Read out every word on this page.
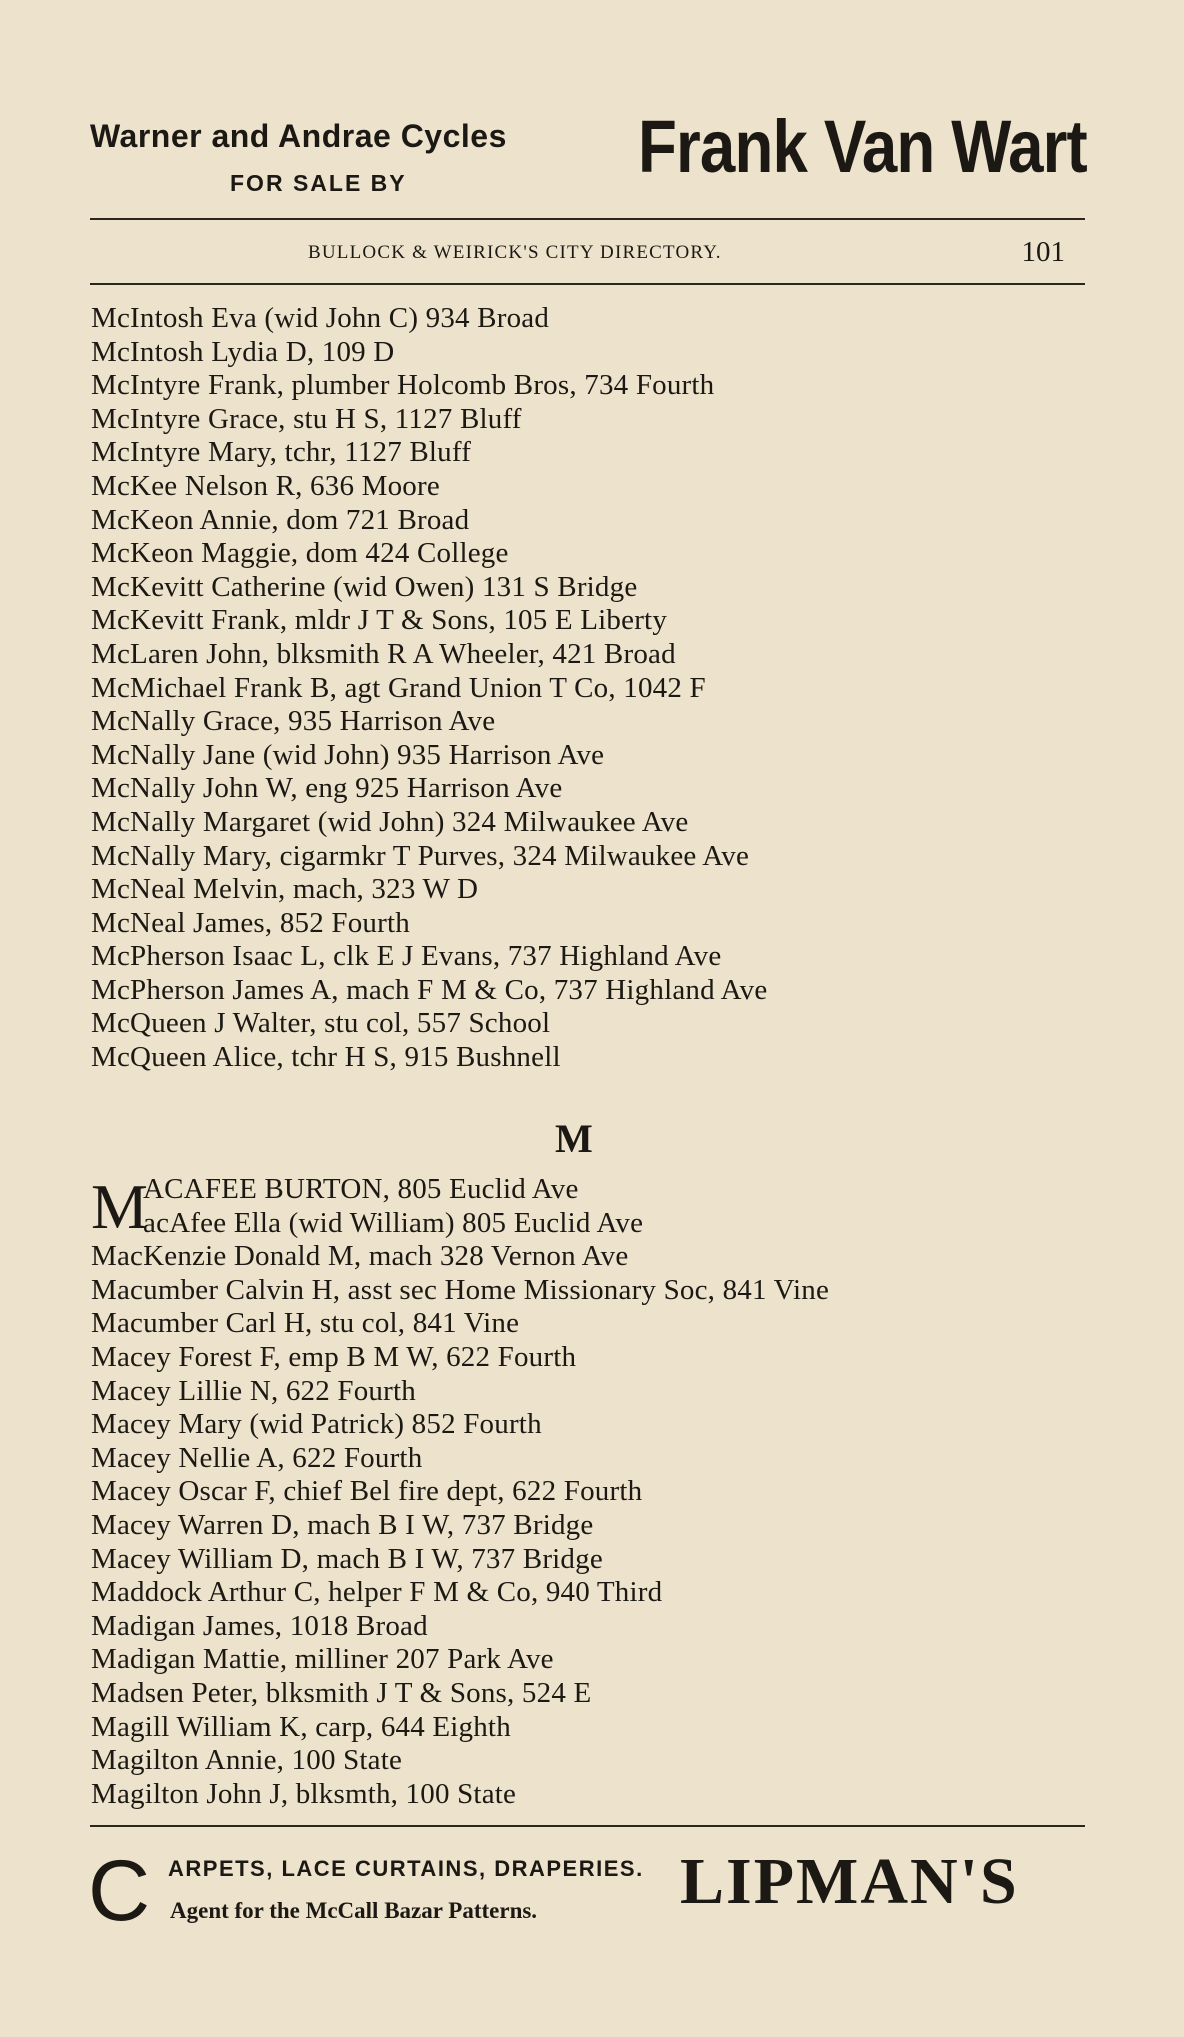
Warner and Andrae Cycles
FOR SALE BY	Frank Van Wart
BULLOCK & WEIRICK'S CITY DIRECTORY.	101
McIntosh Eva (wid John C) 934 Broad
McIntosh Lydia D, 109 D
McIntyre Frank, plumber Holcomb Bros, 734 Fourth
McIntyre Grace, stu H S, 1127 Bluff
McIntyre Mary, tchr, 1127 Bluff
McKee Nelson R, 636 Moore
McKeon Annie, dom 721 Broad
McKeon Maggie, dom 424 College
McKevitt Catherine (wid Owen) 131 S Bridge
McKevitt Frank, mldr J T & Sons, 105 E Liberty
McLaren John, blksmith R A Wheeler, 421 Broad
McMichael Frank B, agt Grand Union T Co, 1042 F
McNally Grace, 935 Harrison Ave
McNally Jane (wid John) 935 Harrison Ave
McNally John W, eng 925 Harrison Ave
McNally Margaret (wid John) 324 Milwaukee Ave
McNally Mary, cigarmkr T Purves, 324 Milwaukee Ave
McNeal Melvin, mach, 323 W D
McNeal James, 852 Fourth
McPherson Isaac L, clk E J Evans, 737 Highland Ave
McPherson James A, mach F M & Co, 737 Highland Ave
McQueen J Walter, stu col, 557 School
McQueen Alice, tchr H S, 915 Bushnell
M
M
ACAFEE BURTON, 805 Euclid Ave
acAfee Ella (wid William) 805 Euclid Ave
MacKenzie Donald M, mach 328 Vernon Ave
Macumber Calvin H, asst sec Home Missionary Soc, 841 Vine
Macumber Carl H, stu col, 841 Vine
Macey Forest F, emp B M W, 622 Fourth
Macey Lillie N, 622 Fourth
Macey Mary (wid Patrick) 852 Fourth
Macey Nellie A, 622 Fourth
Macey Oscar F, chief Bel fire dept, 622 Fourth
Macey Warren D, mach B I W, 737 Bridge
Macey William D, mach B I W, 737 Bridge
Maddock Arthur C, helper F M & Co, 940 Third
Madigan James, 1018 Broad
Madigan Mattie, milliner 207 Park Ave
Madsen Peter, blksmith J T & Sons, 524 E
Magill William K, carp, 644 Eighth
Magilton Annie, 100 State
Magilton John J, blksmth, 100 State
C ARPETS, LACE CURTAINS, DRAPERIES.
Agent for the McCall Bazar Patterns. LIPMAN'S
